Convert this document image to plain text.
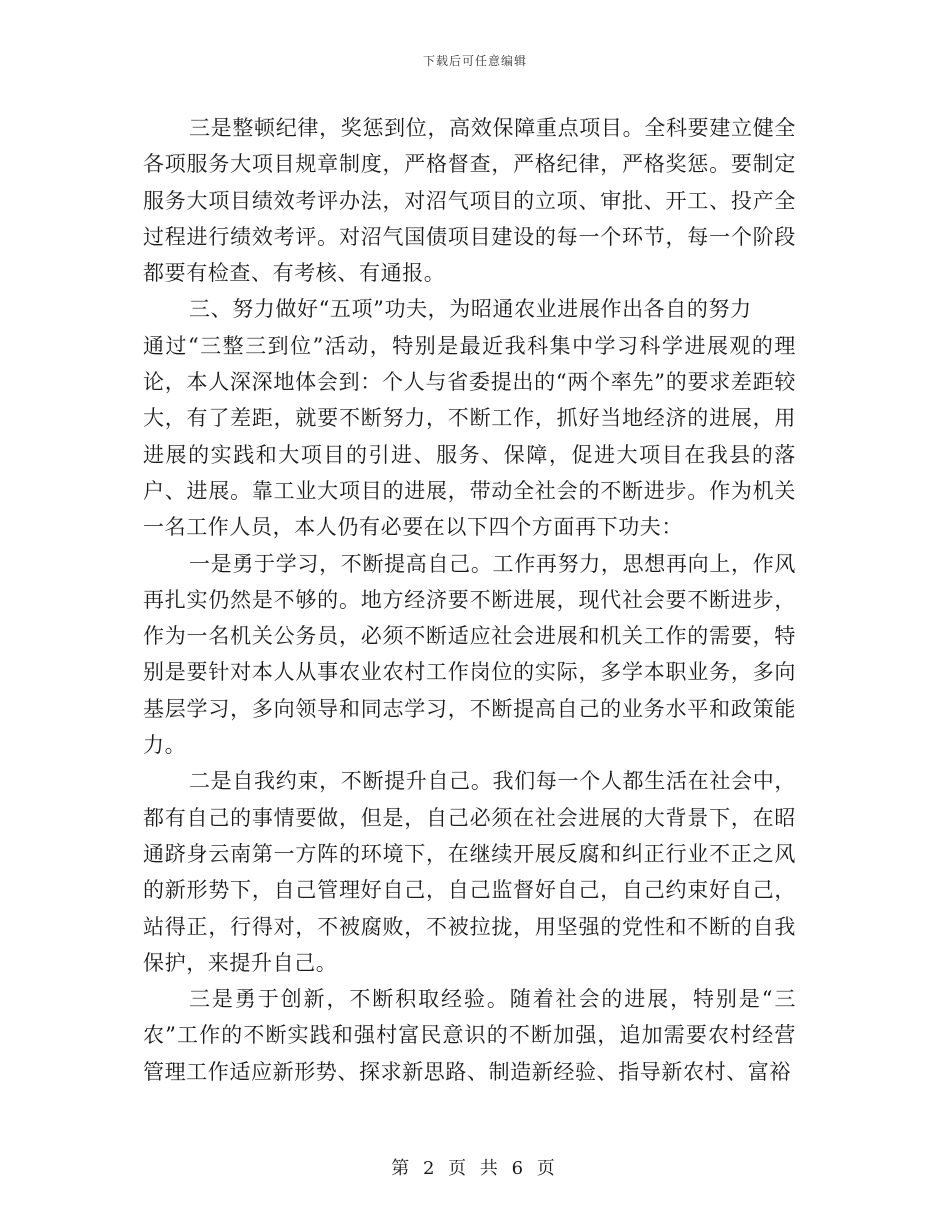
下载后可任意编辑

三是整顿纪律，奖惩到位，高效保障重点项目。全科要建立健全各项服务大项目规章制度，严格督查，严格纪律，严格奖惩。要制定服务大项目绩效考评办法，对沼气项目的立项、审批、开工、投产全过程进行绩效考评。对沼气国债项目建设的每一个环节，每一个阶段都要有检查、有考核、有通报。

三、努力做好“五项”功夫，为昭通农业进展作出各自的努力

通过“三整三到位”活动，特别是最近我科集中学习科学进展观的理论，本人深深地体会到：个人与省委提出的“两个率先”的要求差距较大，有了差距，就要不断努力，不断工作，抓好当地经济的进展，用进展的实践和大项目的引进、服务、保障，促进大项目在我县的落户、进展。靠工业大项目的进展，带动全社会的不断进步。作为机关一名工作人员，本人仍有必要在以下四个方面再下功夫：

一是勇于学习，不断提高自己。工作再努力，思想再向上，作风再扎实仍然是不够的。地方经济要不断进展，现代社会要不断进步，作为一名机关公务员，必须不断适应社会进展和机关工作的需要，特别是要针对本人从事农业农村工作岗位的实际，多学本职业务，多向基层学习，多向领导和同志学习，不断提高自己的业务水平和政策能力。

二是自我约束，不断提升自己。我们每一个人都生活在社会中，都有自己的事情要做，但是，自己必须在社会进展的大背景下，在昭通跻身云南第一方阵的环境下，在继续开展反腐和纠正行业不正之风的新形势下，自己管理好自己，自己监督好自己，自己约束好自己，站得正，行得对，不被腐败，不被拉拢，用坚强的党性和不断的自我保护，来提升自己。

三是勇于创新，不断积取经验。随着社会的进展，特别是“三农”工作的不断实践和强村富民意识的不断加强，追加需要农村经营管理工作适应新形势、探求新思路、制造新经验、指导新农村、富裕

第 2 页 共 6 页
